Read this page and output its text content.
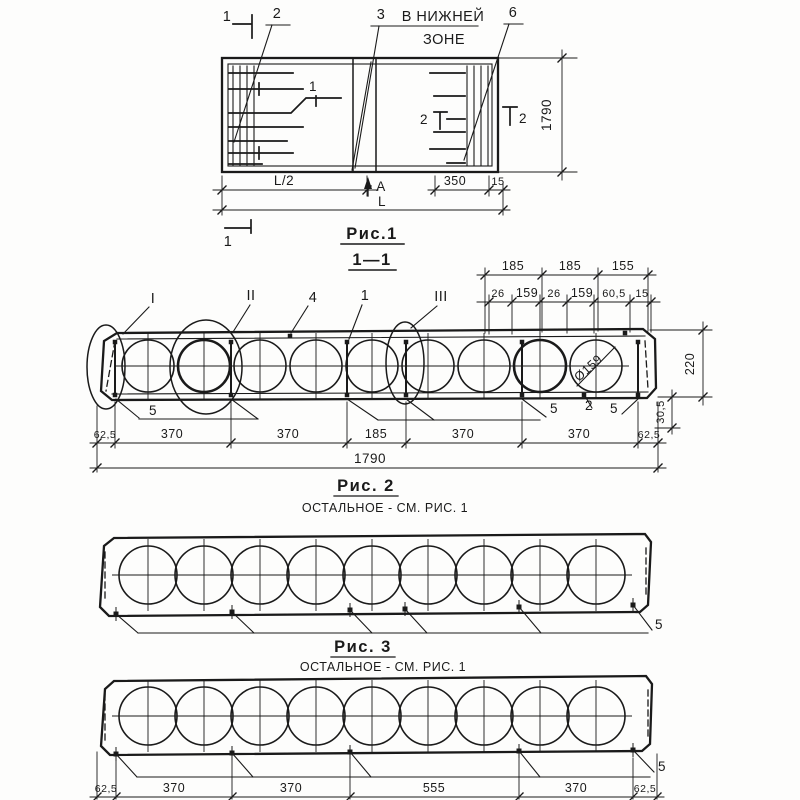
1	2	3	6
В НИЖНЕЙ
ЗОНЕ
1
2	2
L/2	A	350 15
L
1790
1	Рис.1
1—1
I	II	4	1	III
185	185 155
26 159 26 159 60,5 15
220
30,5
Ø159
5	5 2 5
62,5	370	370	185	370	370	62,5
1790
Рис. 2
ОСТАЛЬНОЕ - СМ. РИС. 1
5
Рис. 3
ОСТАЛЬНОЕ - СМ. РИС. 1
5
62,5	370	370	555	370	62,5
